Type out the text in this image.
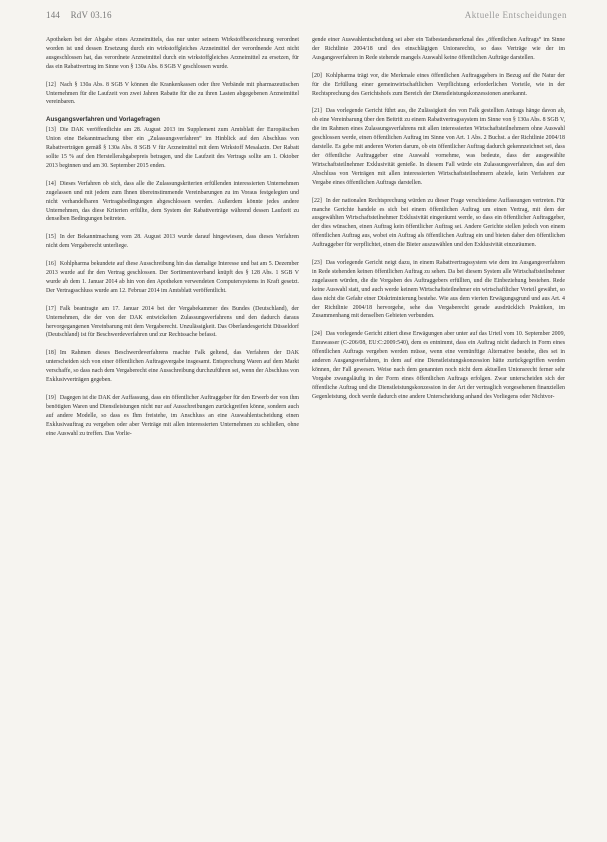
144 RdV 03.16	Aktuelle Entscheidungen

Apotheken bei der Abgabe eines Arzneimittels, das nur unter seinem Wirkstoffbezeichnung verordnet worden ist und dessen Ersetzung durch ein wirkstoffgleiches Arzneimittel der verordnende Arzt nicht ausgeschlossen hat, das verordnete Arzneimittel durch ein wirkstoffgleiches Arzneimittel zu ersetzen, für das ein Rabattvertrag im Sinne von § 130a Abs. 8 SGB V geschlossen wurde.

[12] Nach § 130a Abs. 8 SGB V können die Krankenkassen oder ihre Verbände mit pharmazeutischen Unternehmen für die Laufzeit von zwei Jahren Rabatte für die zu ihren Lasten abgegebenen Arzneimittel vereinbaren.

Ausgangsverfahren und Vorlagefragen

[13] Die DAK veröffentlichte am 28. August 2013 im Supplement zum Amtsblatt der Europäischen Union eine Bekanntmachung über ein „Zulassungsverfahren“ im Hinblick auf den Abschluss von Rabattverträgen gemäß § 130a Abs. 8 SGB V für Arzneimittel mit dem Wirkstoff Mesalazin. Der Rabatt sollte 15 % auf den Herstellerabgabepreis betragen, und die Laufzeit des Vertrags sollte am 1. Oktober 2013 beginnen und am 30. September 2015 enden.

[14] Dieses Verfahren ob sich, dass alle die Zulassungskriterien erfüllenden interessierten Unternehmen zugelassen und mit jedem zum Ihnen übereinstimmende Vereinbarungen zu im Voraus festgelegten und nicht verhandelbaren Vertragsbedingungen abgeschlossen werden. Außerdem könnte jedes andere Unternehmen, das diese Kriterien erfüllte, dem System der Rabattverträge während dessen Laufzeit zu denselben Bedingungen beitreten.

[15] In der Bekanntmachung vom 28. August 2013 wurde darauf hingewiesen, dass dieses Verfahren nicht dem Vergaberecht unterliege.

[16] Kohlpharma bekundete auf diese Ausschreibung hin das damalige Interesse und bat am 5. Dezember 2013 wurde auf ihr den Vertrag geschlossen. Der Sortimentsverband knüpft des § 128 Abs. 1 SGB V wurde ab dem 1. Januar 2014 ab hin von den Apotheken verwendeten Computersystems in Kraft gesetzt. Der Vertragsschluss wurde am 12. Februar 2014 im Amtsblatt veröffentlicht.

[17] Falk beantragte am 17. Januar 2014 bei der Vergabekammer des Bundes (Deutschland), der Unternehmen, die der von der DAK entwickelten Zulassungsverfahrens und den dadurch daraus hervorgegangenen Vereinbarung mit dem Vergaberecht. Unzulässigkeit. Das Oberlandesgericht Düsseldorf (Deutschland) ist für Beschwerdeverfahren und zur Rechtssache befasst.

[18] Im Rahmen dieses Beschwerdeverfahrens machte Falk geltend, das Verfahren der DAK unterscheiden sich von einer öffentlichen Auftragsvergabe insgesamt. Entsprechung Waren auf dem Markt verschaffe, so dass nach dem Vergaberecht eine Ausschreibung durchzuführen sei, wenn der Abschluss von Exklusivverträgen gegeben.

[19] Dagegen ist die DAK der Auffassung, dass ein öffentlicher Auftraggeber für den Erwerb der von ihm benötigten Waren und Dienstleistungen nicht nur auf Ausschreibungen zurückgreifen könne, sondern auch auf andere Modelle, so dass es Ihm freistehe, im Anschluss an eine Auswahlentscheidung einen Exklusivauftrag zu vergeben oder aber Verträge mit allen interessierten Unternehmen zu schließen, ohne eine Auswahl zu treffen. Das Vorlie-

gende einer Auswahlentscheidung sei aber ein Tatbestandsmerkmal des „öffentlichen Auftrags“ im Sinne der Richtlinie 2004/18 und des einschlägigen Unionsrechts, so dass Verträge wie der im Ausgangsverfahren in Rede stehende mangels Auswahl keine öffentlichen Aufträge darstellen.

[20] Kohlpharma trägt vor, die Merkmale eines öffentlichen Auftragsgebers in Bezug auf die Natur der für die Erfüllung einer gemeinwirtschaftlichen Verpflichtung erforderlichen Vorteile, wie in der Rechtsprechung des Gerichtshofs zum Bereich der Dienstleistungskonzessionen anerkannt.

[21] Das vorlegende Gericht führt aus, die Zulässigkeit des von Falk gestellten Antrags hänge davon ab, ob eine Vereinbarung über den Beitritt zu einem Rabattvertragssystem im Sinne von § 130a Abs. 8 SGB V, die im Rahmen eines Zulassungsverfahrens mit allen interessierten Wirtschaftsteilnehmern ohne Auswahl geschlossen werde, einen öffentlichen Auftrag im Sinne von Art. 1 Abs. 2 Buchst. a der Richtlinie 2004/18 darstelle. Es gebe mit anderen Worten darum, ob ein öffentlicher Auftrag dadurch gekennzeichnet sei, dass der öffentliche Auftraggeber eine Auswahl vornehme, was bedeute, dass der ausgewählte Wirtschaftsteilnehmer Exklusivität genieße. In diesem Fall würde ein Zulassungsverfahren, das auf den Abschluss von Verträgen mit allen interessierten Wirtschaftsteilnehmern abziele, kein Verfahren zur Vergabe eines öffentlichen Auftrags darstellen.

[22] In der nationalen Rechtsprechung würden zu dieser Frage verschiedene Auffassungen vertreten. Für manche Gerichte handele es sich bei einem öffentlichen Auftrag um einen Vertrag, mit dem der ausgewählten Wirtschaftsteilnehmer Exklusivität eingeräumt werde, so dass ein öffentlicher Auftraggeber, der dies wünschen, einen Auftrag kein öffentlicher Auftrag sei. Andere Gerichte stellen jedoch von einem öffentlichen Auftrag aus, wobei ein Auftrag als öffentlichen Auftrag ein und bieten daher den öffentlichen Auftraggeber für verpflichtet, einen die Bieter auszuwählen und den Exklusivität einzuräumen.

[23] Das vorlegende Gericht neigt dazu, in einem Rabattvertragssystem wie dem im Ausgangsverfahren in Rede stehenden keinen öffentlichen Auftrag zu sehen. Da bei diesem System alle Wirtschaftsteilnehmer zugelassen würden, die die Vorgaben des Auftraggebers erfüllten, und die Einbeziehung bestehen. Rede keine Auswahl statt, und auch werde keinem Wirtschaftsteilnehmer ein wirtschaftlicher Vorteil gewährt, so dass nicht die Gefahr einer Diskriminierung bestehe. Wie aus dem vierten Erwägungsgrund und aus Art. 4 der Richtlinie 2004/18 hervorgehe, sehe das Vergaberecht gerade ausdrücklich Praktiken, im Zusammenhang mit denselben Gebieten verbunden.

[24] Das vorlegende Gericht zitiert diese Erwägungen aber unter auf das Urteil vom 10. September 2009, Eurawasser (C-206/08, EU:C:2009:540), dem es entnimmt, dass ein Auftrag nicht dadurch in Form eines öffentlichen Auftrags vergeben werden müsse, wenn eine vernünftige Alternative bestehe, dies sei in anderen Ausgangsverfahren, in dem auf eine Dienstleistungskonzession hätte zurückgegriffen werden können, der Fall gewesen. Weise nach dem genannten noch nicht dem aktuellen Unionsrecht ferner sehr Vorgabe zwangsläufig in der Form eines öffentlichen Auftrags erfolgen. Zwar unterscheiden sich der öffentliche Auftrag und die Dienstleistungskonzession in der Art der vertraglich vorgesehenen finanziellen Gegenleistung, doch werde dadurch eine andere Unterscheidung anhand des Vorliegens oder Nichtvor-
